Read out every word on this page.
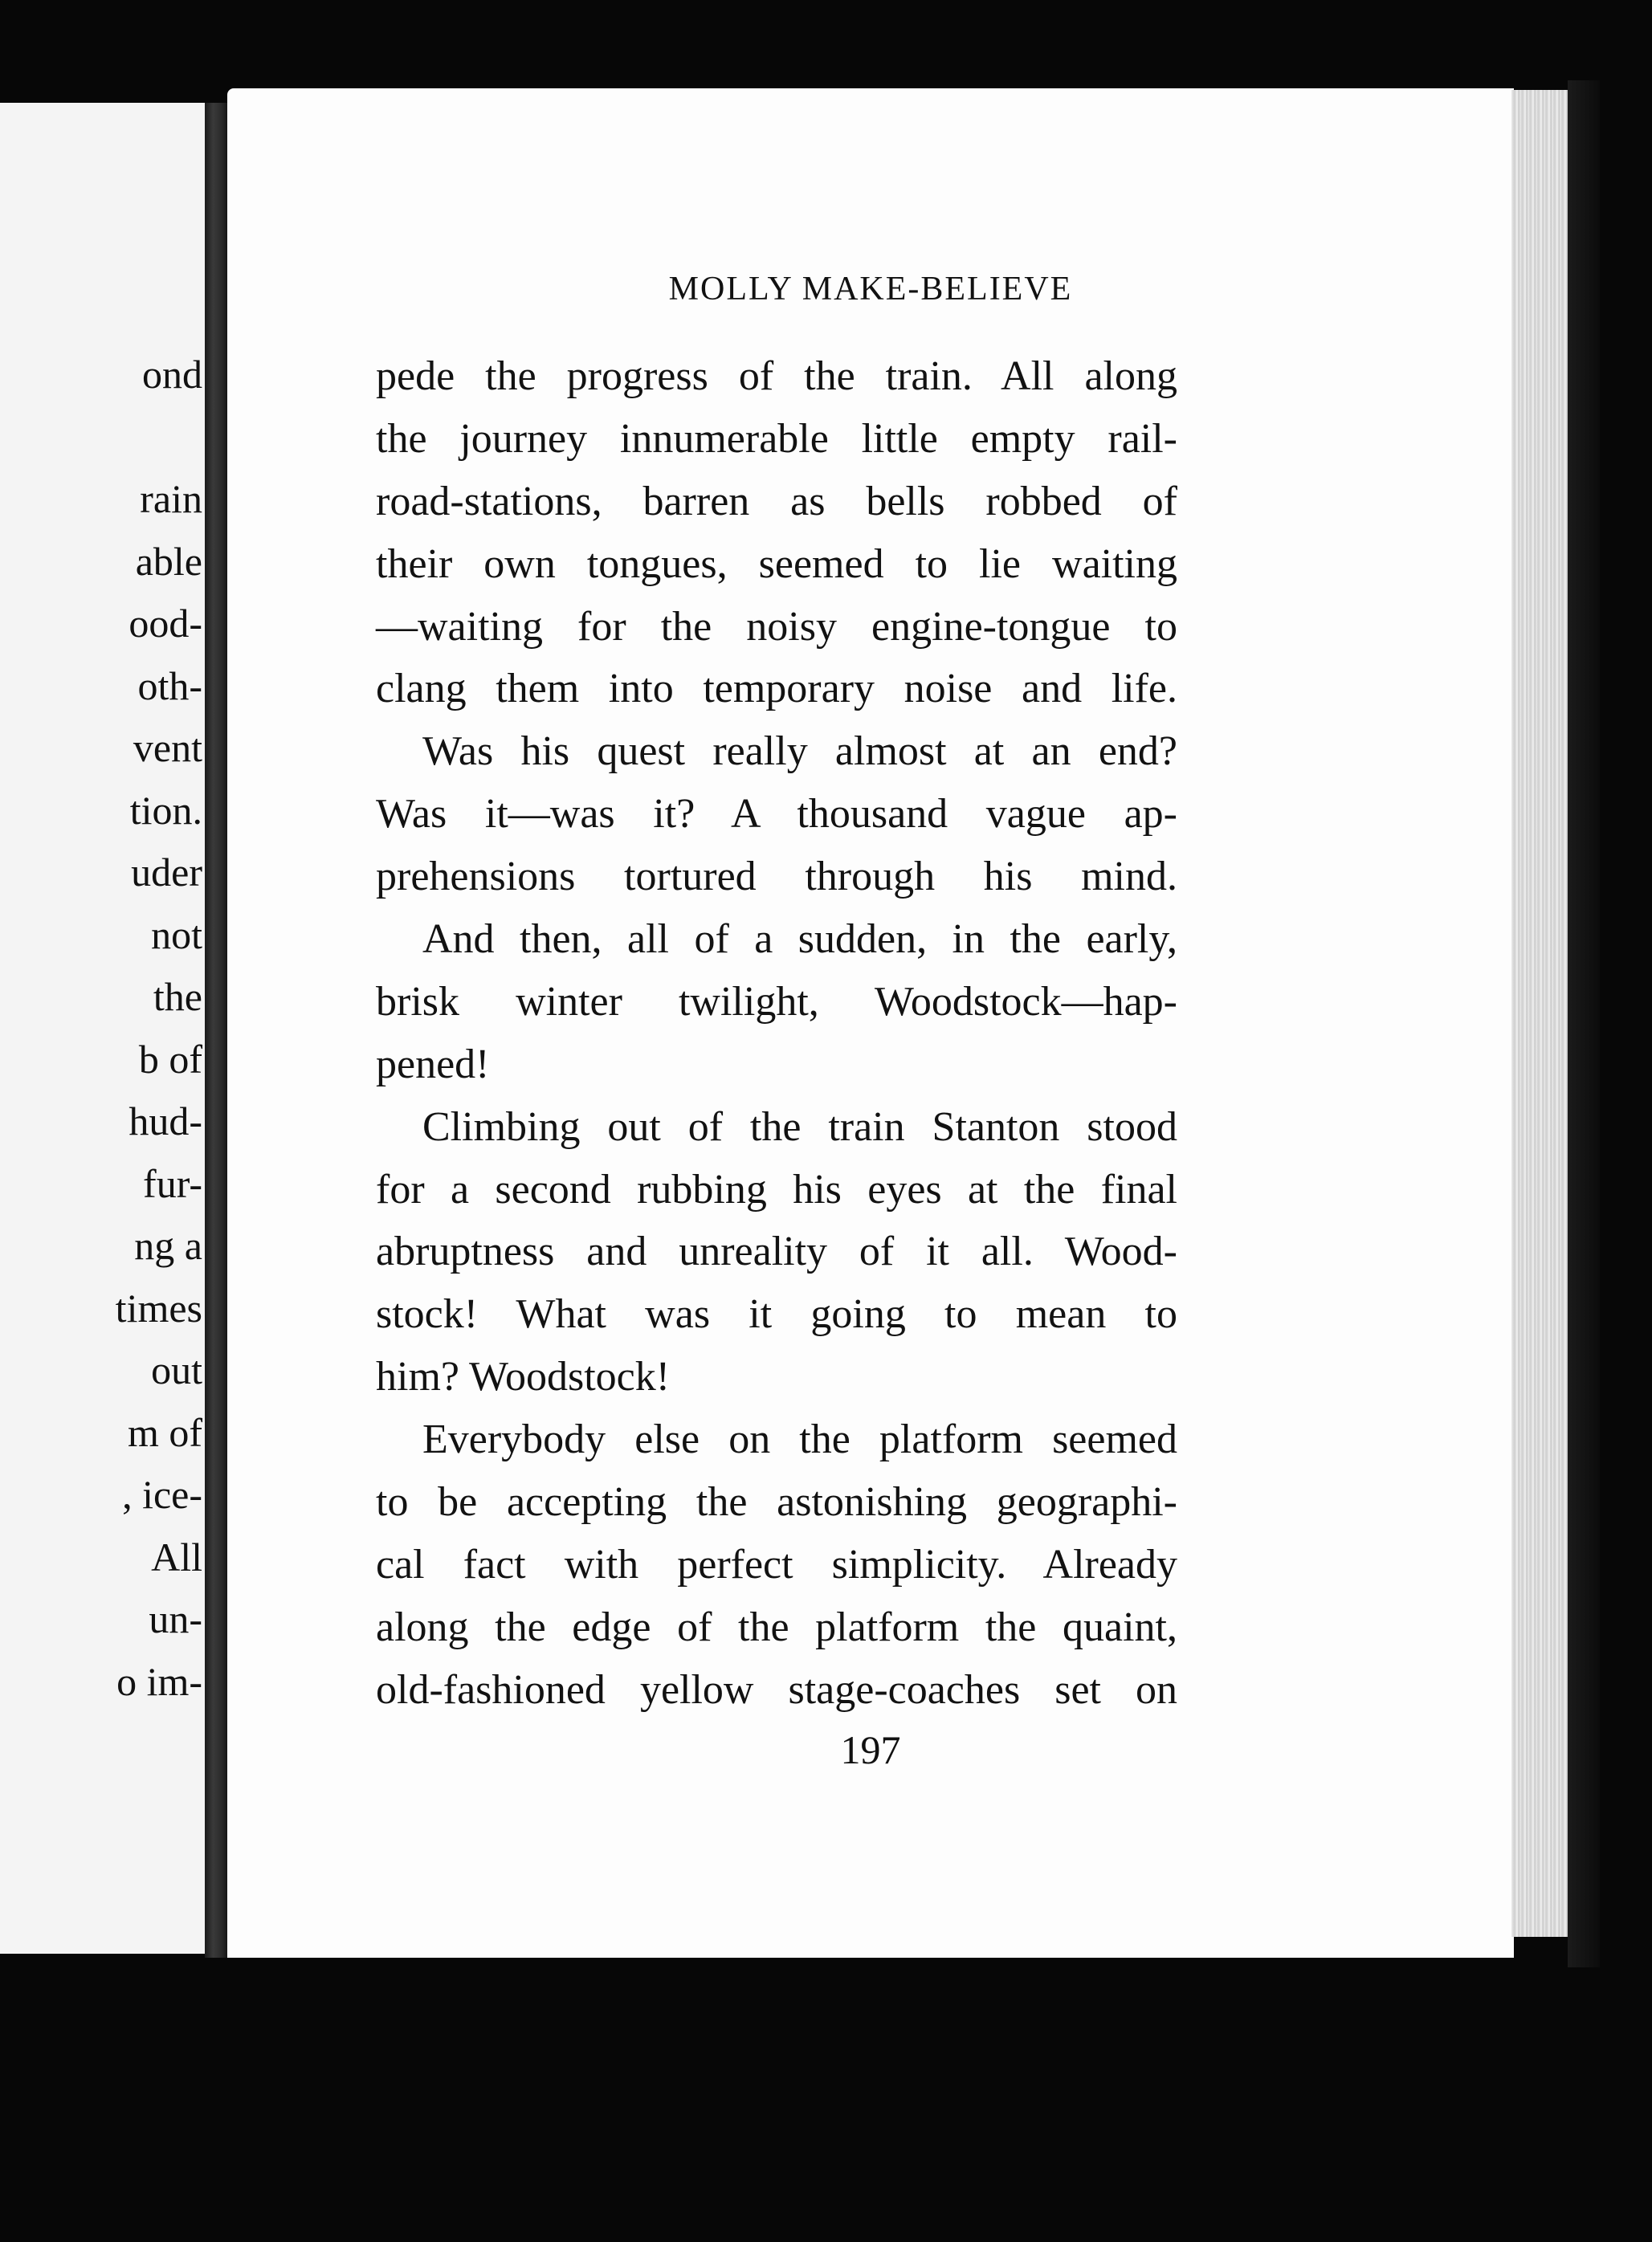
ond
rain
able
ood-
oth-
vent
tion.
uder
not
the
b of
hud-
fur-
ng a
times
out
m of
, ice-
All
un-
o im-
MOLLY MAKE-BELIEVE
pede the progress of the train. All along
the journey innumerable little empty rail-
road-stations, barren as bells robbed of
their own tongues, seemed to lie waiting
—waiting for the noisy engine-tongue to
clang them into temporary noise and life.
Was his quest really almost at an end?
Was it—was it? A thousand vague ap-
prehensions tortured through his mind.
And then, all of a sudden, in the early,
brisk winter twilight, Woodstock—hap-
pened!
Climbing out of the train Stanton stood
for a second rubbing his eyes at the final
abruptness and unreality of it all. Wood-
stock! What was it going to mean to
him? Woodstock!
Everybody else on the platform seemed
to be accepting the astonishing geographi-
cal fact with perfect simplicity. Already
along the edge of the platform the quaint,
old-fashioned yellow stage-coaches set on
197
